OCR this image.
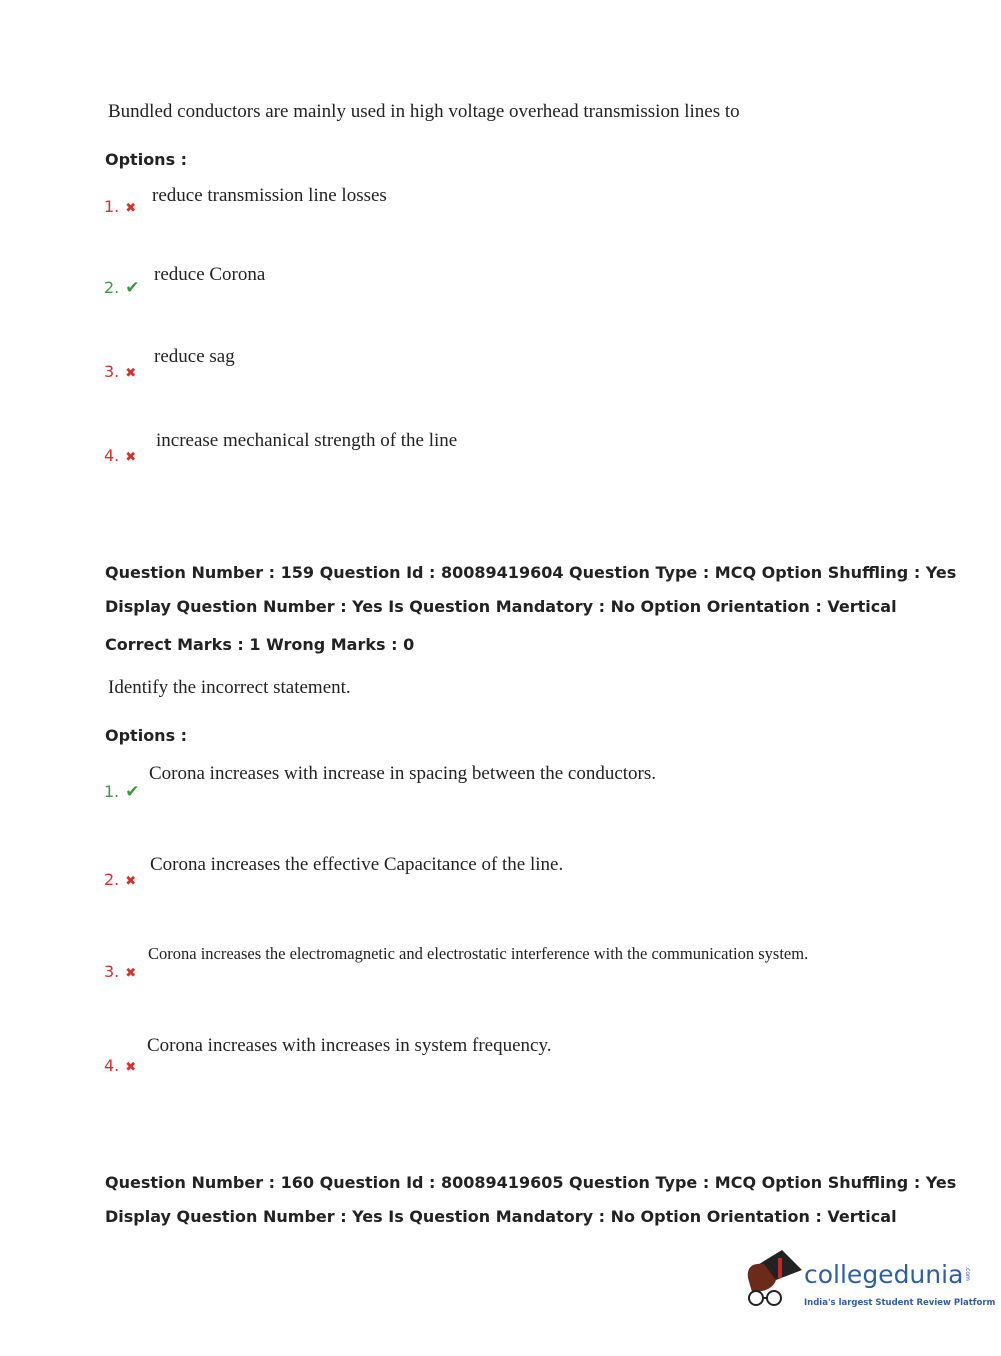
Bundled conductors are mainly used in high voltage overhead transmission lines to
Options :
1. ✖
reduce transmission line losses
2. ✔
reduce Corona
3. ✖
reduce sag
4. ✖
increase mechanical strength of the line
Question Number : 159 Question Id : 80089419604 Question Type : MCQ Option Shuffling : Yes
Display Question Number : Yes Is Question Mandatory : No Option Orientation : Vertical
Correct Marks : 1 Wrong Marks : 0
Identify the incorrect statement.
Options :
1. ✔
Corona increases with increase in spacing between the conductors.
2. ✖
Corona increases the effective Capacitance of the line.
3. ✖
Corona increases the electromagnetic and electrostatic interference with the communication system.
4. ✖
Corona increases with increases in system frequency.
Question Number : 160 Question Id : 80089419605 Question Type : MCQ Option Shuffling : Yes
Display Question Number : Yes Is Question Mandatory : No Option Orientation : Vertical
collegedunia .com
India's largest Student Review Platform
